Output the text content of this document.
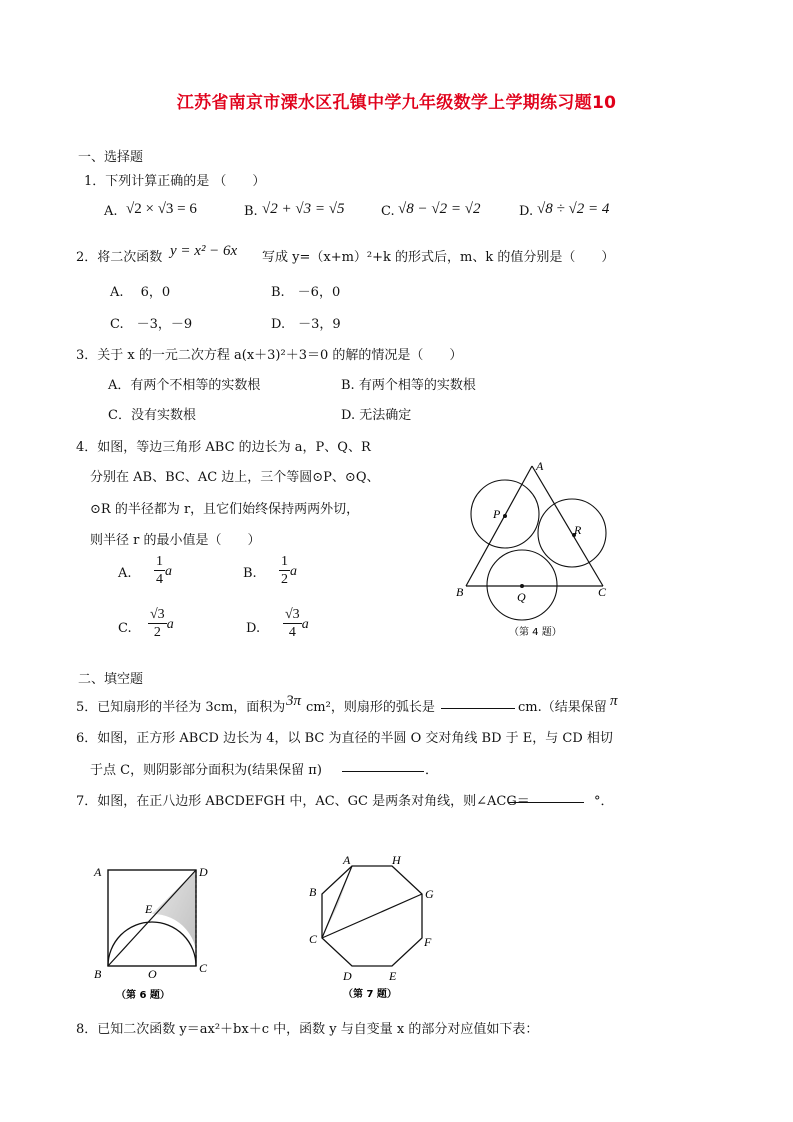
江苏省南京市溧水区孔镇中学九年级数学上学期练习题10
一、选择题
1．下列计算正确的是 （　　）
A. √2 × √3 = 6	B. √2 + √3 = √5	C. √8 − √2 = √2	D. √8 ÷ √2 = 4
2．将二次函数 y = x² − 6x 写成 y=（x+m）²+k 的形式后，m、k 的值分别是（　　）
A.　 6，0	B.　－6，0
C.　－3，－9	D.　－3，9
3．关于 x 的一元二次方程 a(x＋3)²＋3＝0 的解的情况是（　　）
A．有两个不相等的实数根	B. 有两个相等的实数根
C．没有实数根	D. 无法确定
4．如图，等边三角形 ABC 的边长为 a，P、Q、R
分别在 AB、BC、AC 边上，三个等圆⊙P、⊙Q、
⊙R 的半径都为 r，且它们始终保持两两外切，
则半径 r 的最小值是（　　）
A. $\frac{1}{4}$ a	B. $\frac{1}{2}$ a
C. $\frac{√3}{2}$ a	D. $\frac{√3}{4}$ a
A
B	C
P
R
Q
（第 4 题）
二、填空题
5．已知扇形的半径为 3cm，面积为 3π cm²，则扇形的弧长是	cm.（结果保留 π
6．如图，正方形 ABCD 边长为 4，以 BC 为直径的半圆 O 交对角线 BD 于 E，与 CD 相切
于点 C，则阴影部分面积为(结果保留 π)	．
7．如图，在正八边形 ABCDEFGH 中，AC、GC 是两条对角线，则∠ACG＝	°．
A	D
B	C
E
O
（第 6 题）
A	H
B	G
C	F
D	E
（第 7 题）
8．已知二次函数 y＝ax²＋bx＋c 中，函数 y 与自变量 x 的部分对应值如下表：
